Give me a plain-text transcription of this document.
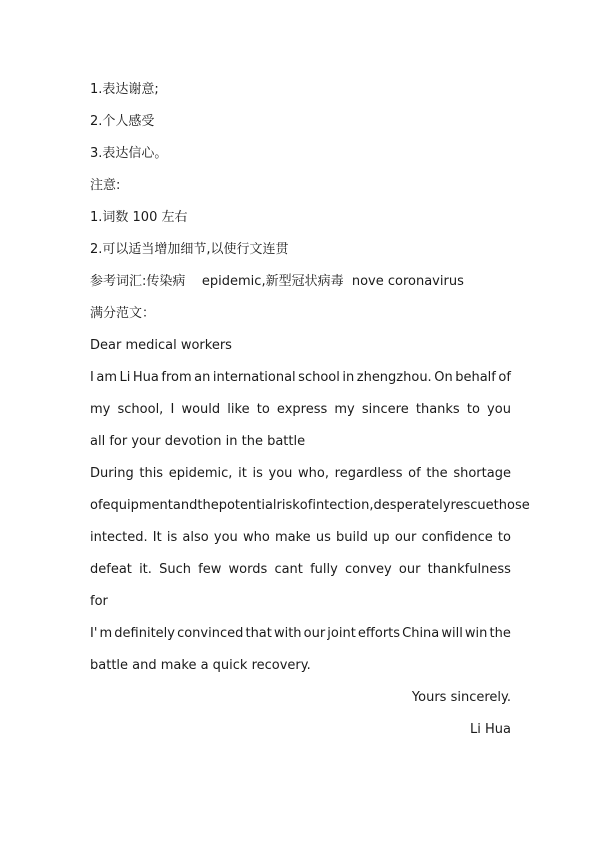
1.表达谢意;
2.个人感受
3.表达信心。
注意:
1.词数 100 左右
2.可以适当增加细节,以使行文连贯
参考词汇:传染病    epidemic,新型冠状病毒  nove coronavirus
满分范文：
Dear medical workers
I am Li Hua from an international school in zhengzhou. On behalf of
my school, I would like to express my sincere thanks to you
all for your devotion in the battle
During this epidemic, it is you who, regardless of the shortage
of equipment and the potential risk of intection, desperately rescue those
intected. It is also you who make us build up our confidence to
defeat it. Such few words cant fully convey our thankfulness
for
I' m definitely convinced that with our joint efforts China will win the
battle and make a quick recovery.
Yours sincerely.
Li Hua
